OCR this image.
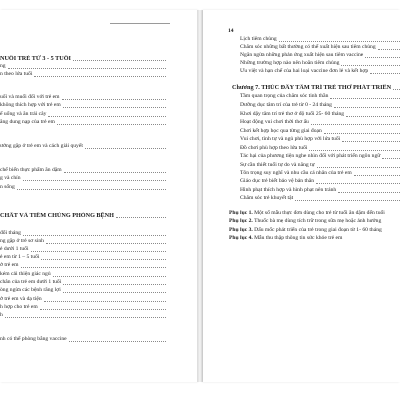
NUÔI TRẺ TỪ 3 - 5 TUỔI
ng
n theo lứa tuổi
uối và muối đối với trẻ em
không thích hợp với trẻ em
ế uống và ăn trái cây
ăng dung nạp của trẻ em
ướng gặp ở trẻ em và cách giải quyết
chế biến thực phẩm ăn dặm
g và chín
n sống
CHẤT VÀ TIÊM CHỦNG PHÒNG BỆNH
đổi tháng
ng gặp ở trẻ sơ sinh
ẻ dưới 1 tuổi
ẻ em từ 1 – 5 tuổi
ở trẻ em
kém cải thiện giác ngủ
chân của trẻ em dưới 1 tuổi
òng ngừa các bệnh răng lợi
ở trẻ em và dạ tiện
h hợp cho trẻ em
h
nh có thể phòng bằng vaccine
14
Lịch tiêm chủng
Chăm sóc những bất thường có thể xuất hiện sau tiêm chủng
Ngăn ngừa những phản ứng xuất hiện sau tiêm vaccine
Những trường hợp nào nên hoãn tiêm chủng
Ưu việt và hạn chế của hai loại vaccine đơn lẻ và kết hợp
Chương 7. THÚC ĐẨY TÂM TRÍ TRẺ THƠ PHÁT TRIỂN
Tầm quan trọng của chăm sóc tinh thần
Dưỡng dục tâm trí của trẻ từ 0 - 24 tháng
Khơi dậy tâm trí trẻ thơ ở độ tuổi 25- 60 tháng
Hoạt động vui chơi thời thơ ấu
Chơi kết hợp học qua từng giai đoạn
Vui chơi, tình tự và ngủ phù hợp với lứa tuổi
Đồ chơi phù hợp theo lứa tuổi
Tác hại của phương tiện nghe nhìn đối với phát triển ngôn ngữ
Sự cần thiết tuổi tự do và năng tự
Tôn trọng suy nghĩ và nhu cầu cá nhân của trẻ em
Giáo dục trẻ biết bảo vệ bản thân
Hình phạt thích hợp và hình phạt nên tránh
Chăm sóc trẻ khuyết tật
Phụ lục 1. Một số mẫu thực đơn dùng cho trẻ từ tuổi ăn dặm đến tuổi
Phụ lục 2. Thuốc bà mẹ dùng tích trữ trong sữa mẹ hoặc ảnh hưởng
Phụ lục 3. Dấu mốc phát triển của trẻ trong giai đoạn từ 1- 60 tháng
Phụ lục 4. Mẫu thu thập thông tin sức khỏe trẻ em
